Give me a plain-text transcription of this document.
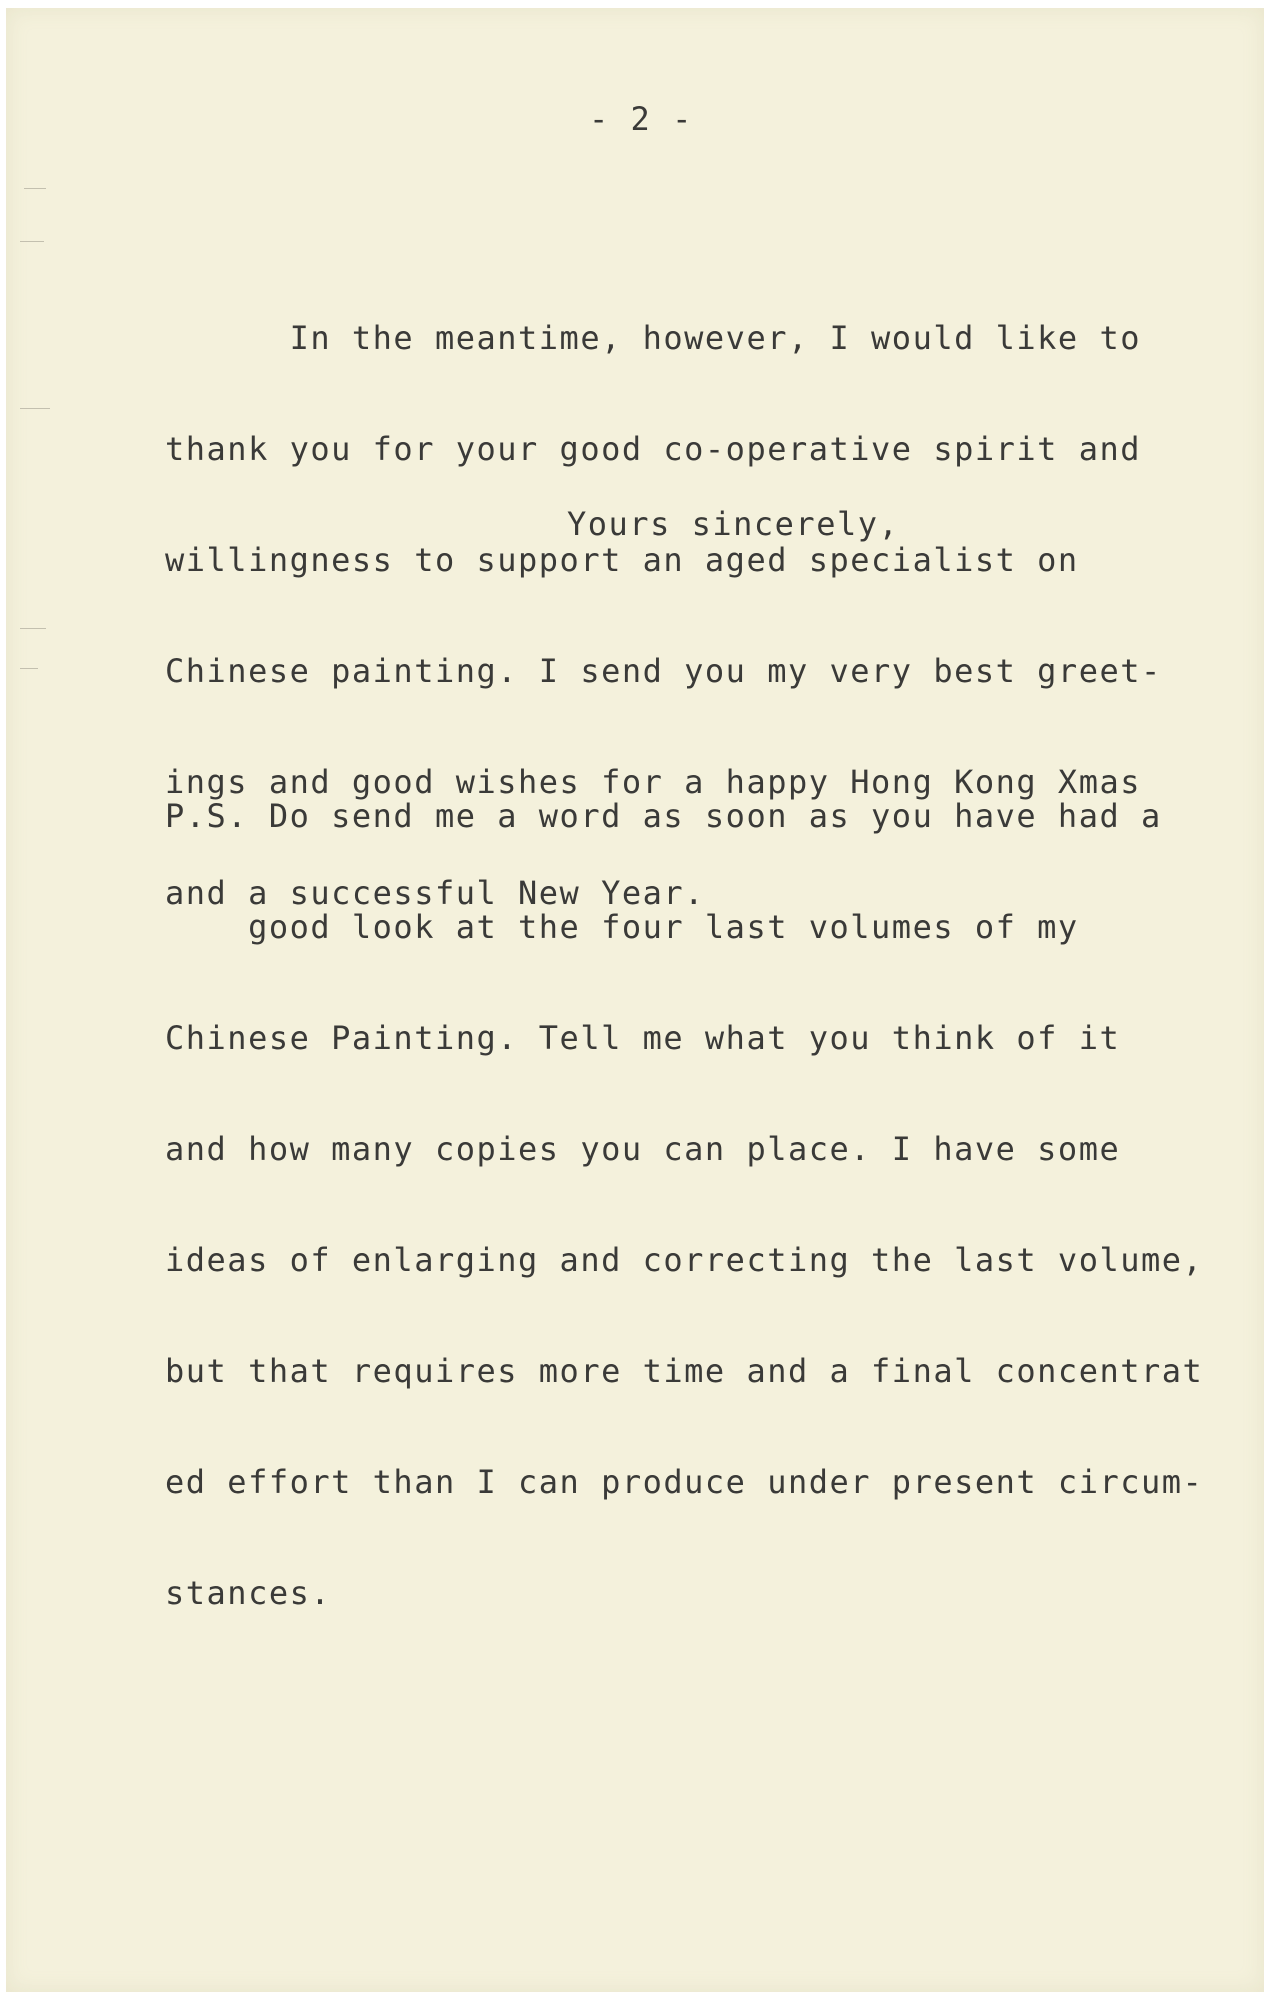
- 2 -

In the meantime, however, I would like to

thank you for your good co-operative spirit and

willingness to support an aged specialist on

Chinese painting. I send you my very best greet-

ings and good wishes for a happy Hong Kong Xmas

and a successful New Year.

Yours sincerely,

P.S. Do send me a word as soon as you have had a

good look at the four last volumes of my

Chinese Painting. Tell me what you think of it

and how many copies you can place. I have some

ideas of enlarging and correcting the last volume,

but that requires more time and a final concentrat

ed effort than I can produce under present circum-

stances.
